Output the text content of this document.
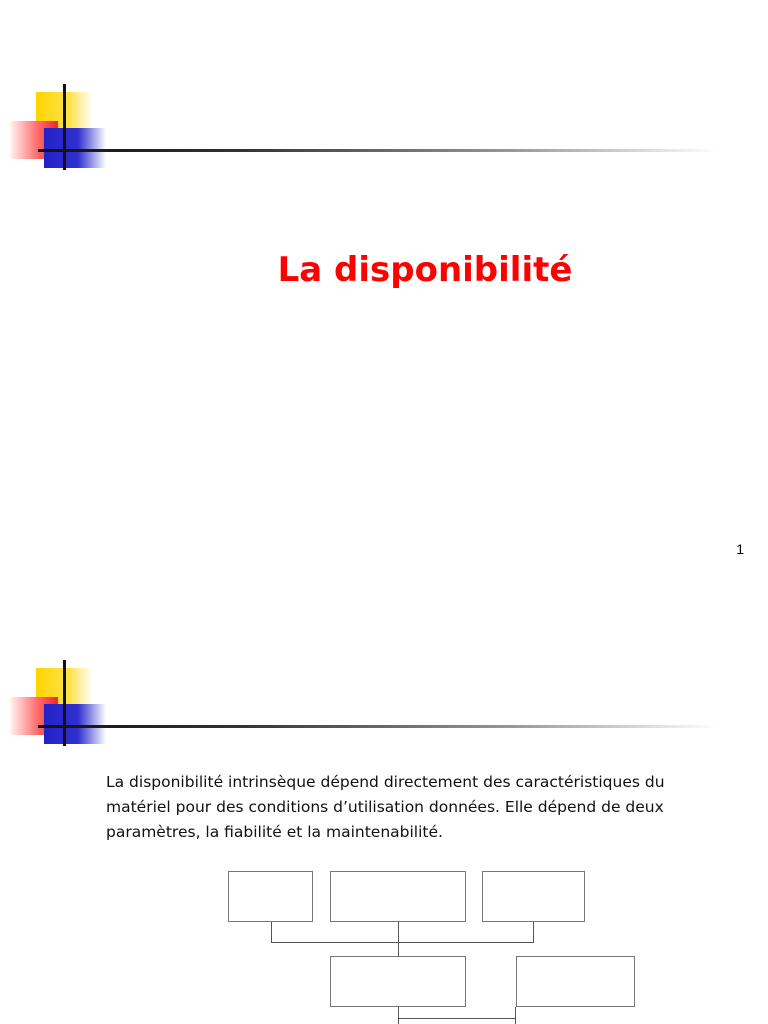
La disponibilité
1
La disponibilité intrinsèque dépend directement des caractéristiques du matériel pour des conditions d’utilisation données. Elle dépend de deux paramètres, la fiabilité et la maintenabilité.
